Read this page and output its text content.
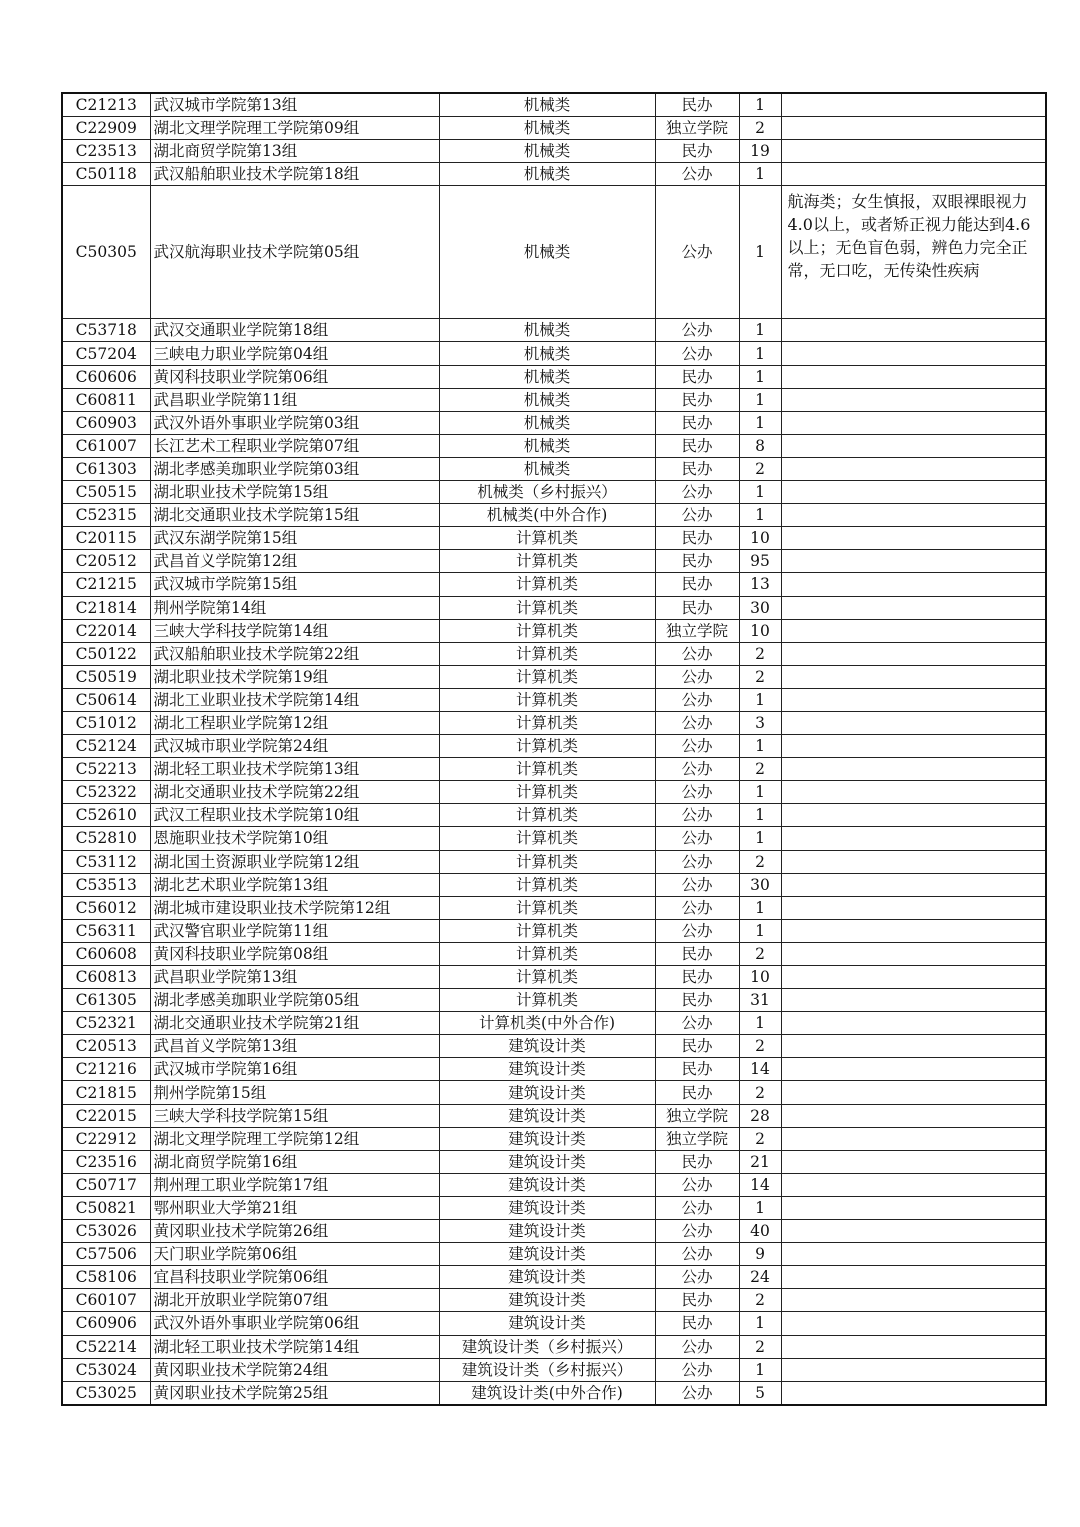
C21213	武汉城市学院第13组	机械类	民办	1	
C22909	湖北文理学院理工学院第09组	机械类	独立学院	2	
C23513	湖北商贸学院第13组	机械类	民办	19	
C50118	武汉船舶职业技术学院第18组	机械类	公办	1	
C50305	武汉航海职业技术学院第05组	机械类	公办	1	航海类；女生慎报，双眼裸眼视力4.0以上，或者矫正视力能达到4.6以上；无色盲色弱，辨色力完全正常，无口吃，无传染性疾病
C53718	武汉交通职业学院第18组	机械类	公办	1	
C57204	三峡电力职业学院第04组	机械类	公办	1	
C60606	黄冈科技职业学院第06组	机械类	民办	1	
C60811	武昌职业学院第11组	机械类	民办	1	
C60903	武汉外语外事职业学院第03组	机械类	民办	1	
C61007	长江艺术工程职业学院第07组	机械类	民办	8	
C61303	湖北孝感美珈职业学院第03组	机械类	民办	2	
C50515	湖北职业技术学院第15组	机械类（乡村振兴）	公办	1	
C52315	湖北交通职业技术学院第15组	机械类(中外合作)	公办	1	
C20115	武汉东湖学院第15组	计算机类	民办	10	
C20512	武昌首义学院第12组	计算机类	民办	95	
C21215	武汉城市学院第15组	计算机类	民办	13	
C21814	荆州学院第14组	计算机类	民办	30	
C22014	三峡大学科技学院第14组	计算机类	独立学院	10	
C50122	武汉船舶职业技术学院第22组	计算机类	公办	2	
C50519	湖北职业技术学院第19组	计算机类	公办	2	
C50614	湖北工业职业技术学院第14组	计算机类	公办	1	
C51012	湖北工程职业学院第12组	计算机类	公办	3	
C52124	武汉城市职业学院第24组	计算机类	公办	1	
C52213	湖北轻工职业技术学院第13组	计算机类	公办	2	
C52322	湖北交通职业技术学院第22组	计算机类	公办	1	
C52610	武汉工程职业技术学院第10组	计算机类	公办	1	
C52810	恩施职业技术学院第10组	计算机类	公办	1	
C53112	湖北国土资源职业学院第12组	计算机类	公办	2	
C53513	湖北艺术职业学院第13组	计算机类	公办	30	
C56012	湖北城市建设职业技术学院第12组	计算机类	公办	1	
C56311	武汉警官职业学院第11组	计算机类	公办	1	
C60608	黄冈科技职业学院第08组	计算机类	民办	2	
C60813	武昌职业学院第13组	计算机类	民办	10	
C61305	湖北孝感美珈职业学院第05组	计算机类	民办	31	
C52321	湖北交通职业技术学院第21组	计算机类(中外合作)	公办	1	
C20513	武昌首义学院第13组	建筑设计类	民办	2	
C21216	武汉城市学院第16组	建筑设计类	民办	14	
C21815	荆州学院第15组	建筑设计类	民办	2	
C22015	三峡大学科技学院第15组	建筑设计类	独立学院	28	
C22912	湖北文理学院理工学院第12组	建筑设计类	独立学院	2	
C23516	湖北商贸学院第16组	建筑设计类	民办	21	
C50717	荆州理工职业学院第17组	建筑设计类	公办	14	
C50821	鄂州职业大学第21组	建筑设计类	公办	1	
C53026	黄冈职业技术学院第26组	建筑设计类	公办	40	
C57506	天门职业学院第06组	建筑设计类	公办	9	
C58106	宜昌科技职业学院第06组	建筑设计类	公办	24	
C60107	湖北开放职业学院第07组	建筑设计类	民办	2	
C60906	武汉外语外事职业学院第06组	建筑设计类	民办	1	
C52214	湖北轻工职业技术学院第14组	建筑设计类（乡村振兴）	公办	2	
C53024	黄冈职业技术学院第24组	建筑设计类（乡村振兴）	公办	1	
C53025	黄冈职业技术学院第25组	建筑设计类(中外合作)	公办	5	
